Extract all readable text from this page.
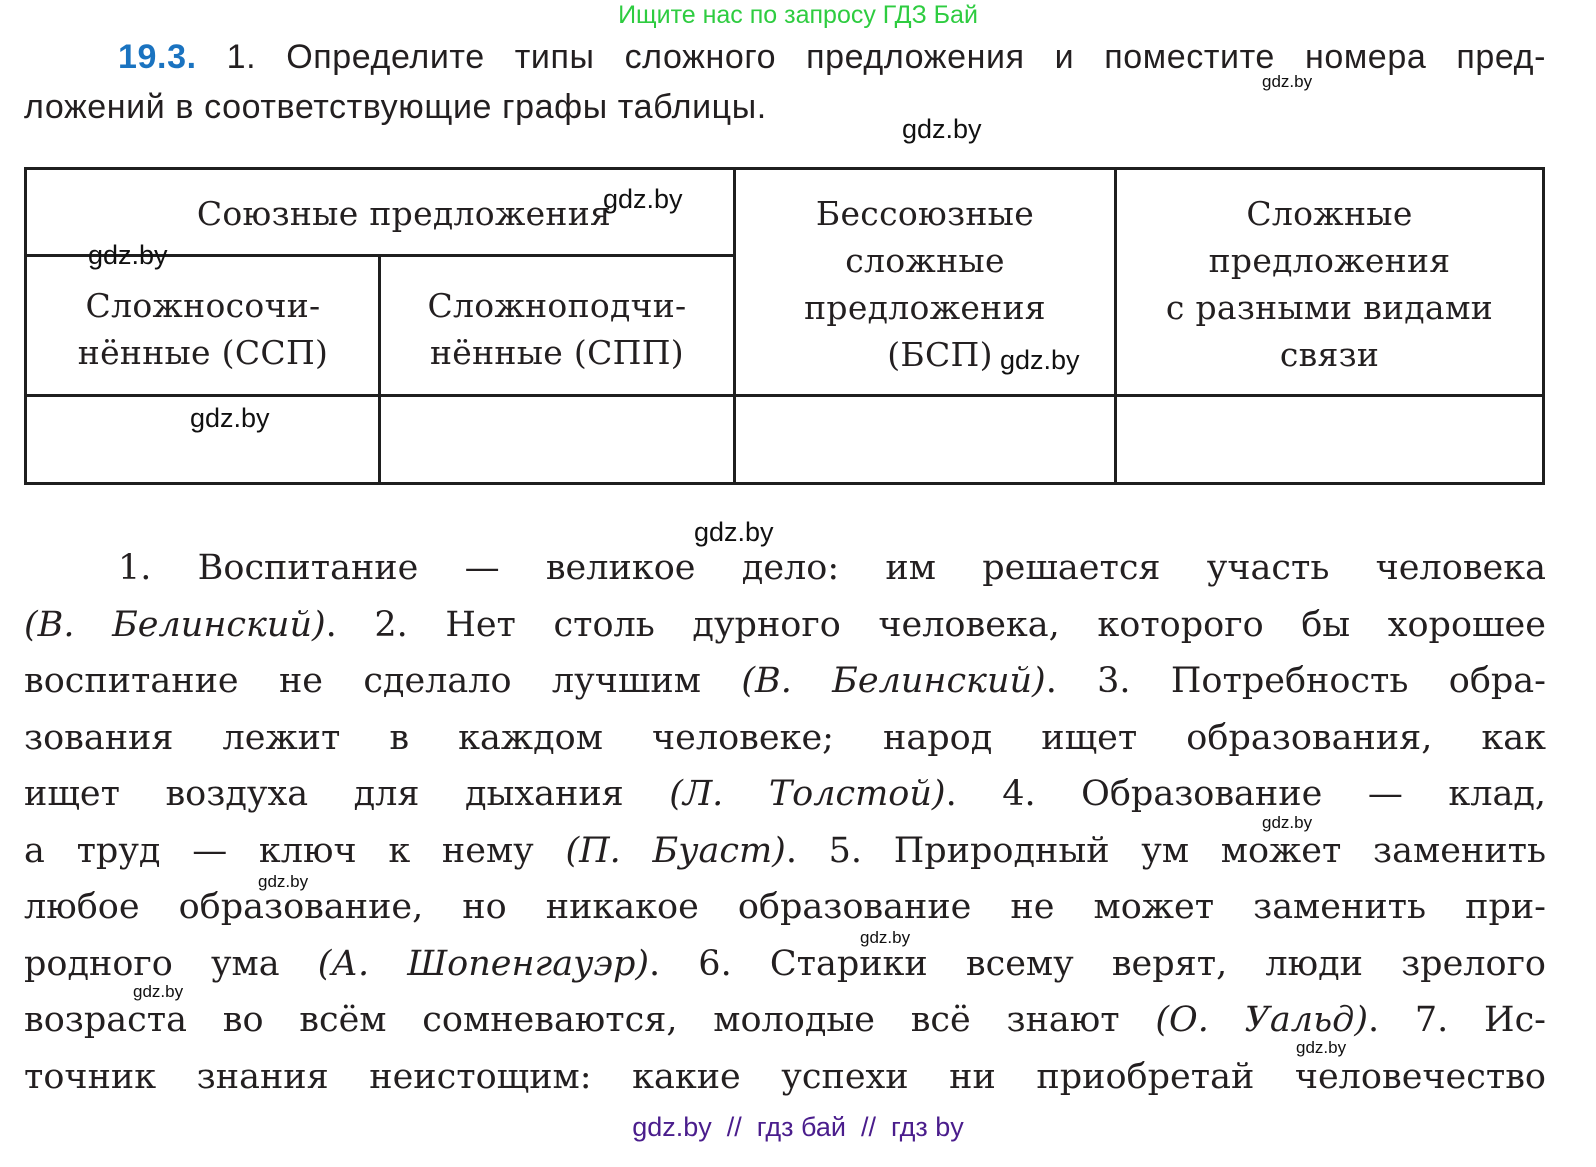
Ищите нас по запросу ГДЗ Бай
19.3. 1. Определите типы сложного предложения и поместите номера пред-
ложений в соответствующие графы таблицы.
Союзные предложения
Сложносочи-
нённые (ССП)
Сложноподчи-
нённые (СПП)
Бессоюзные
сложные
предложения
(БСП)
Сложные
предложения
с разными видами
связи
1. Воспитание — великое дело: им решается участь человека
(В. Белинский). 2. Нет столь дурного человека, которого бы хорошее
воспитание не сделало лучшим (В. Белинский). 3. Потребность обра-
зования лежит в каждом человеке; народ ищет образования, как
ищет воздуха для дыхания (Л. Толстой). 4. Образование — клад,
а труд — ключ к нему (П. Буаст). 5. Природный ум может заменить
любое образование, но никакое образование не может заменить при-
родного ума (А. Шопенгауэр). 6. Старики всему верят, люди зрелого
возраста во всём сомневаются, молодые всё знают (О. Уальд). 7. Ис-
точник знания неистощим: какие успехи ни приобретай человечество
gdz.by
gdz.by
gdz.by
gdz.by
gdz.by
gdz.by
gdz.by
gdz.by
gdz.by
gdz.by
gdz.by
gdz.by
gdz.by  //  гдз бай  //  гдз by
